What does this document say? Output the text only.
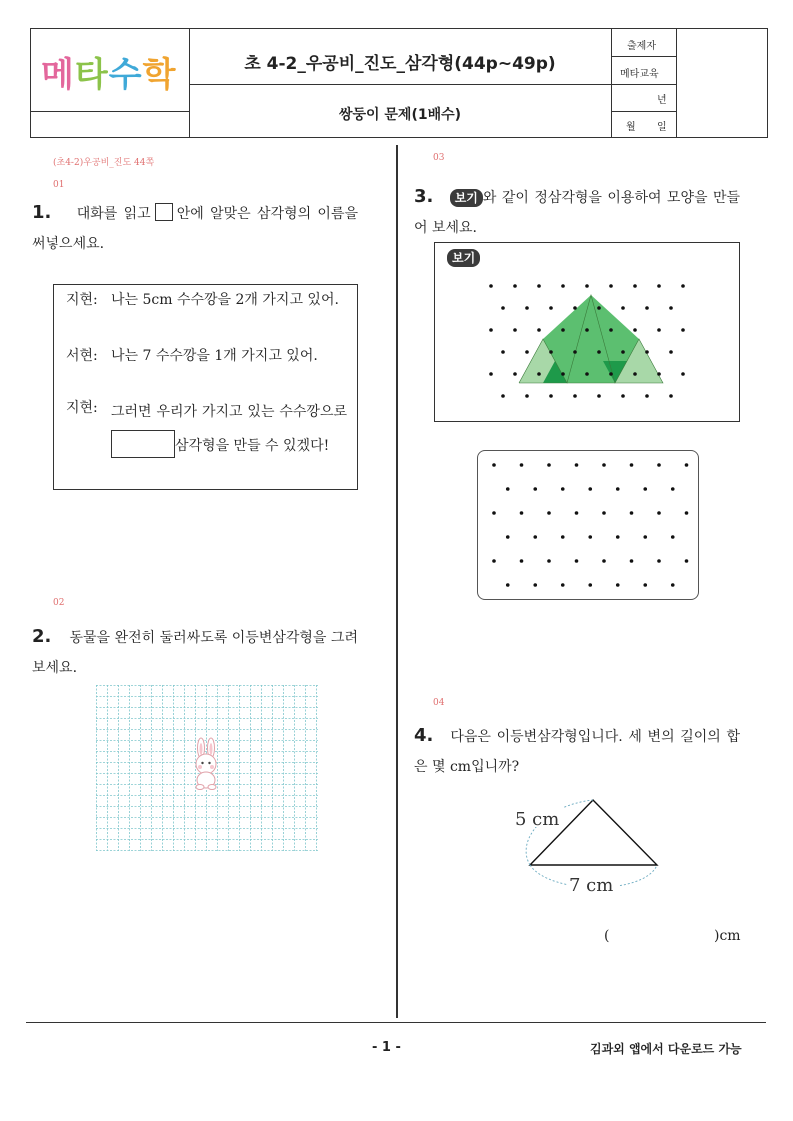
메타수학	초 4-2_우공비_진도_삼각형(44p~49p)
쌍둥이 문제(1배수)
출제자
메타교육
년
월 일
(초4-2)우공비_진도 44쪽
01
1. 대화를 읽고 안에 알맞은 삼각형의 이름을 써넣으세요.
지현: 나는 5cm 수수깡을 2개 가지고 있어.
서현: 나는 7 수수깡을 1개 가지고 있어.
지현: 그러면 우리가 가지고 있는 수수깡으로 삼각형을 만들 수 있겠다!
02
2. 동물을 완전히 둘러싸도록 이등변삼각형을 그려 보세요.
03
3. 보기 와 같이 정삼각형을 이용하여 모양을 만들어 보세요.
보기
04
4. 다음은 이등변삼각형입니다. 세 변의 길이의 합은 몇 cm입니까?
5 cm
7 cm
(	)cm
- 1 -	김과외 앱에서 다운로드 가능
